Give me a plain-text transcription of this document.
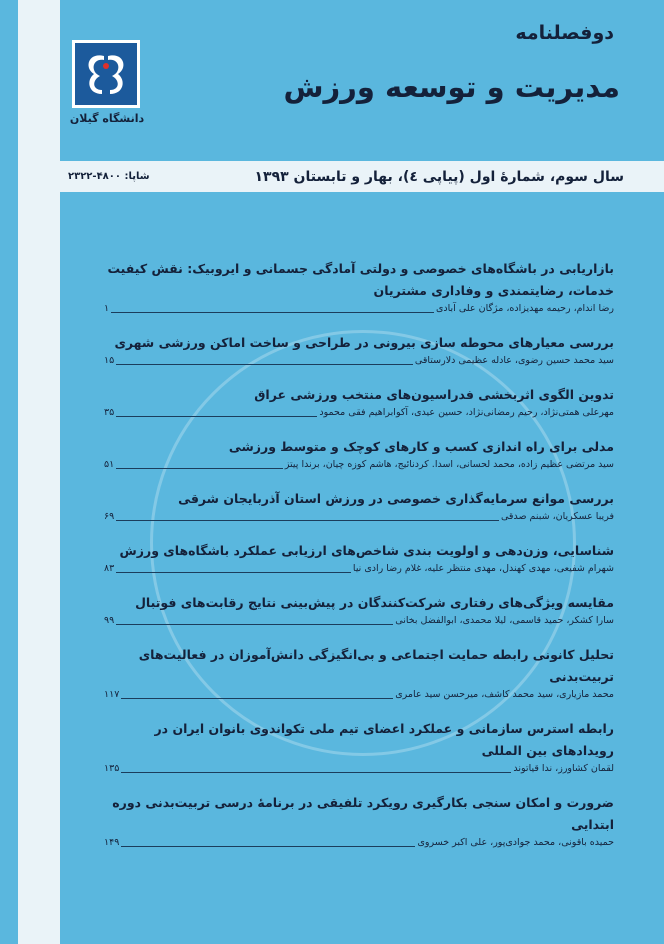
دانشگاه گیلان
دوفصلنامه
مدیریت و توسعه ورزش
سال سوم، شمارهٔ اول (پیاپی ٤)، بهار و تابستان ۱۳۹۳
شاپا: ۴۸۰۰-۲۳۲۲
بازاریابی در باشگاه‌های خصوصی و دولتی آمادگی جسمانی و ایروبیک: نقش کیفیت خدمات، رضایتمندی و وفاداری مشتریان
رضا اندام، رحیمه مهدیزاده، مژگان علی آبادی
۱
بررسی معیارهای محوطه سازی بیرونی در طراحی و ساخت اماکن ورزشی شهری
سید محمد حسین رضوی، عادله عظیمی دلارستاقی
۱۵
تدوین الگوی اثربخشی فدراسیون‌های منتخب ورزشی عراق
مهرعلی همتی‌نژاد، رحیم رمضانی‌نژاد، حسین عیدی، آکوابراهیم فقی محمود
۳۵
مدلی برای راه اندازی کسب و کارهای کوچک و متوسط ورزشی
سید مرتضی عظیم زاده، محمد لحسانی، اسدا. کردنائیج، هاشم کوزه چیان، برندا پیتز
۵۱
بررسی موانع سرمایه‌گذاری خصوصی در ورزش استان آذربایجان شرقی
فریبا عسکریان، شبنم صدقی
۶۹
شناسایی، وزن‌دهی و اولویت بندی شاخص‌های ارزیابی عملکرد باشگاه‌های ورزش
شهرام شفیعی، مهدی کهندل، مهدی منتظر علیه، غلام رضا رادی نیا
۸۳
مقایسه ویژگی‌های رفتاری شرکت‌کنندگان در پیش‌بینی نتایج رقابت‌های فوتبال
سارا کشکر، حمید قاسمی، لیلا محمدی، ابوالفضل بخانی
۹۹
تحلیل کانونی رابطه حمایت اجتماعی و بی‌انگیزگی دانش‌آموزان در فعالیت‌های تربیت‌بدنی
محمد مازیاری، سید محمد کاشف، میرحسن سید عامری
۱۱۷
رابطه استرس سازمانی و عملکرد اعضای تیم ملی تکواندوی بانوان ایران در رویدادهای بین المللی
لقمان کشاورز، ندا قیاتوند
۱۳۵
ضرورت و امکان سنجی بکارگیری رویکرد تلفیقی در برنامهٔ درسی تربیت‌بدنی دوره ابتدایی
حمیده باقونی، محمد جوادی‌پور، علی اکبر خسروی
۱۴۹
